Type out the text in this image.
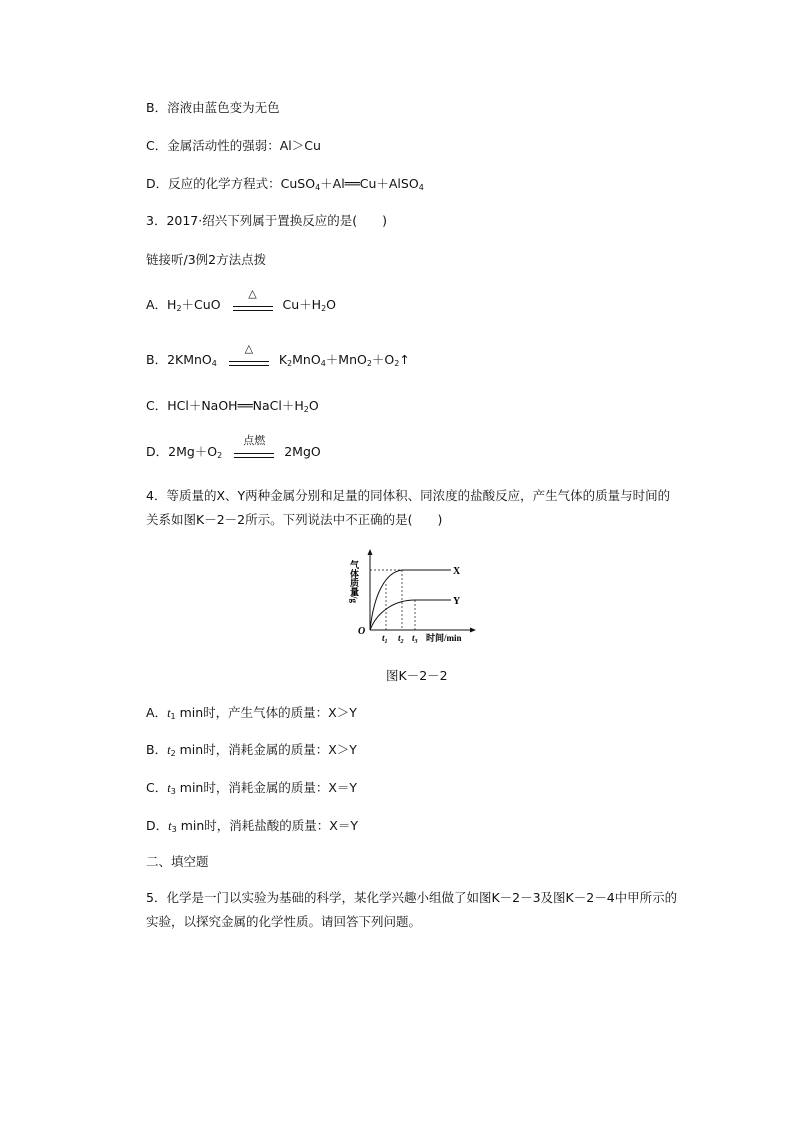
B．溶液由蓝色变为无色
C．金属活动性的强弱：Al＞Cu
D．反应的化学方程式：CuSO$_4$＋Al══Cu＋AlSO$_4$
3．2017·绍兴下列属于置换反应的是(　　)
链接听/3例2方法点拨
A．$H_2+CuO$
△
$Cu+H_2O$
B．2KMnO$_4$
△
$K_2MnO_4+MnO_2+O_2↑$
C．$HCl+NaOH══NaCl+H_2O$
D．$2Mg+O_2$
点燃
2MgO
4．等质量的X、Y两种金属分别和足量的同体积、同浓度的盐酸反应，产生气体的质量与时间的关系如图K－2－2所示。下列说法中不正确的是(　　)
气体质量/g
O
X
Y
$t_1$ $t_2$ $t_3$ 时间/min
图K－2－2
A．$t_1$ min时，产生气体的质量：X＞Y
B．$t_2$ min时，消耗金属的质量：X＞Y
C．$t_3$ min时，消耗金属的质量：X＝Y
D．$t_3$ min时，消耗盐酸的质量：X＝Y
二、填空题
5．化学是一门以实验为基础的科学，某化学兴趣小组做了如图K－2－3及图K－2－4中甲所示的实验，以探究金属的化学性质。请回答下列问题。
